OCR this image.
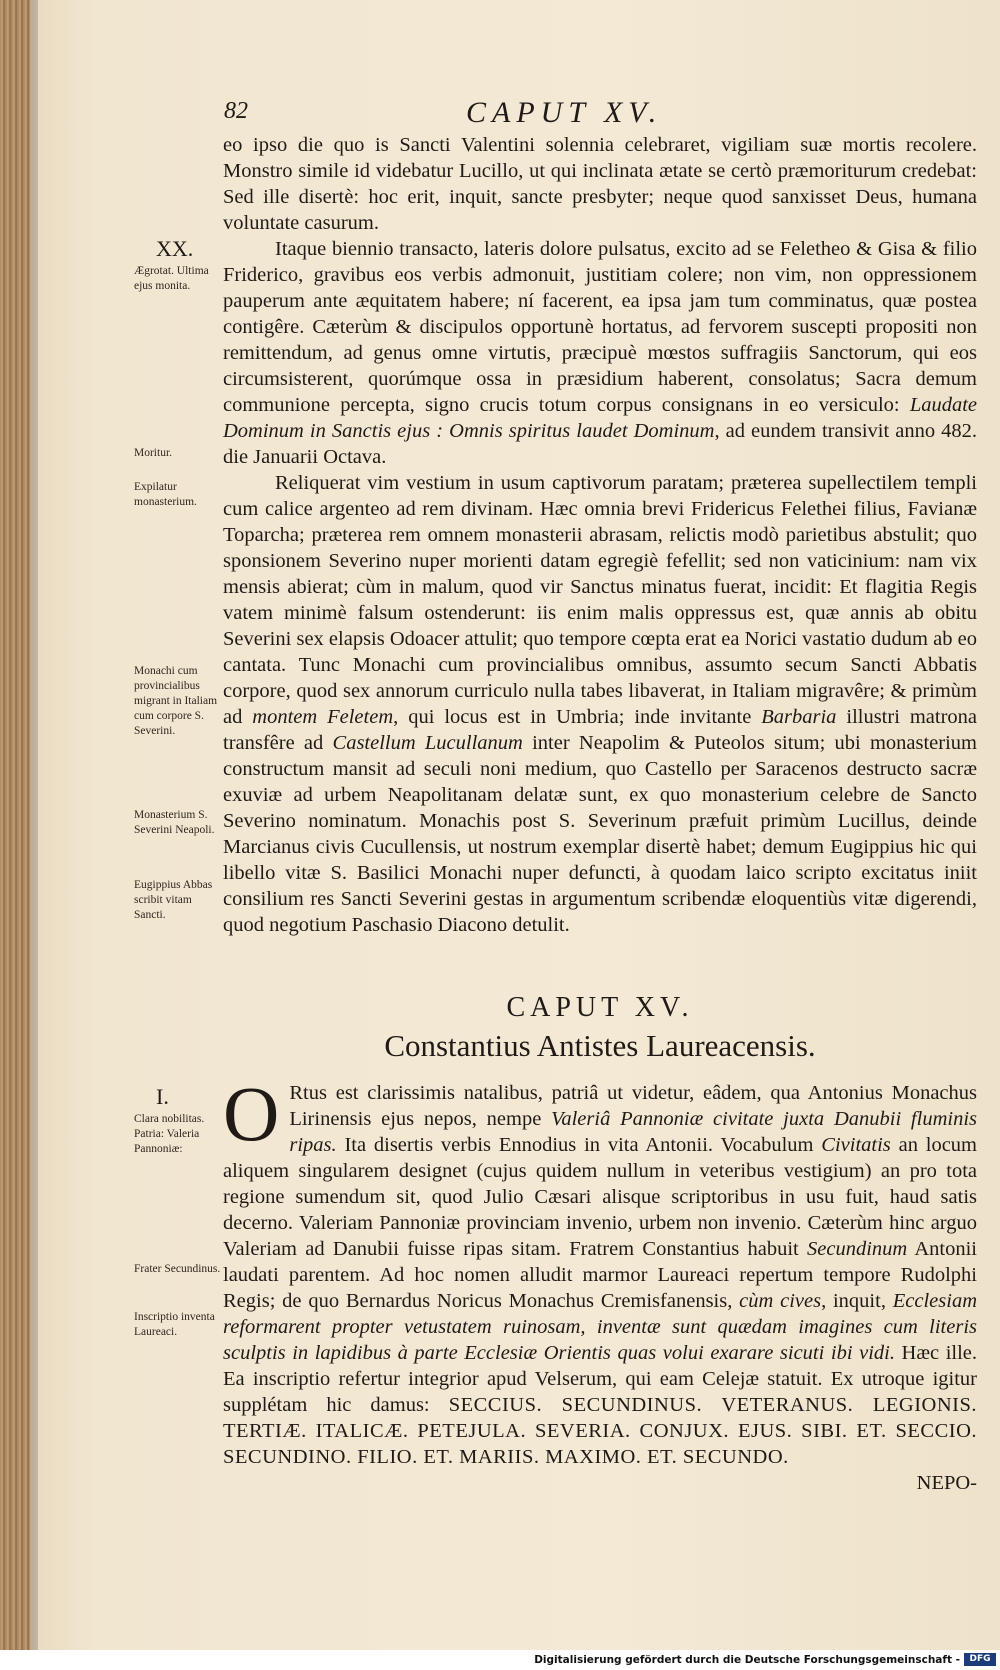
82	CAPUT XV.

eo ipso die quo is Sancti Valentini solennia celebraret, vigiliam suæ mortis recolere. Monstro simile id videbatur Lucillo, ut qui inclinata ætate se certò præmoriturum credebat: Sed ille disertè: hoc erit, inquit, sancte presbyter; neque quod sanxisset Deus, humana voluntate casurum.

Itaque biennio transacto, lateris dolore pulsatus, excito ad se Feletheo & Gisa & filio Friderico, gravibus eos verbis admonuit, justitiam colere; non vim, non oppressionem pauperum ante æquitatem habere; ní facerent, ea ipsa jam tum comminatus, quæ postea contigêre. Cæterùm & discipulos opportunè hortatus, ad fervorem suscepti propositi non remittendum, ad genus omne virtutis, præcipuè mœstos suffragiis Sanctorum, qui eos circumsisterent, quorúmque ossa in præsidium haberent, consolatus; Sacra demum communione percepta, signo crucis totum corpus consignans in eo versiculo: Laudate Dominum in Sanctis ejus : Omnis spiritus laudet Dominum, ad eundem transivit anno 482. die Januarii Octava.

Reliquerat vim vestium in usum captivorum paratam; præterea supellectilem templi cum calice argenteo ad rem divinam. Hæc omnia brevi Fridericus Felethei filius, Favianæ Toparcha; præterea rem omnem monasterii abrasam, relictis modò parietibus abstulit; quo sponsionem Severino nuper morienti datam egregiè fefellit; sed non vaticinium: nam vix mensis abierat; cùm in malum, quod vir Sanctus minatus fuerat, incidit: Et flagitia Regis vatem minimè falsum ostenderunt: iis enim malis oppressus est, quæ annis ab obitu Severini sex elapsis Odoacer attulit; quo tempore cœpta erat ea Norici vastatio dudum ab eo cantata. Tunc Monachi cum provincialibus omnibus, assumto secum Sancti Abbatis corpore, quod sex annorum curriculo nulla tabes libaverat, in Italiam migravêre; & primùm ad montem Feletem, qui locus est in Umbria; inde invitante Barbaria illustri matrona transfêre ad Castellum Lucullanum inter Neapolim & Puteolos situm; ubi monasterium constructum mansit ad seculi noni medium, quo Castello per Saracenos destructo sacræ exuviæ ad urbem Neapolitanam delatæ sunt, ex quo monasterium celebre de Sancto Severino nominatum. Monachis post S. Severinum præfuit primùm Lucillus, deinde Marcianus civis Cucullensis, ut nostrum exemplar disertè habet; demum Eugippius hic qui libello vitæ S. Basilici Monachi nuper defuncti, à quodam laico scripto excitatus iniit consilium res Sancti Severini gestas in argumentum scribendæ eloquentiùs vitæ digerendi, quod negotium Paschasio Diacono detulit.

XX.
Ægrotat. Ultima ejus monita.
Moritur.
Expilatur monasterium.
Monachi cum provincialibus migrant in Italiam cum corpore S. Severini.
Monasterium S. Severini Neapoli.
Eugippius Abbas scribit vitam Sancti.
CAPUT XV.
Constantius Antistes Laureacensis.

O Rtus est clarissimis natalibus, patriâ ut videtur, eâdem, qua Antonius Monachus Lirinensis ejus nepos, nempe Valeriâ Pannoniæ civitate juxta Danubii fluminis ripas. Ita disertis verbis Ennodius in vita Antonii. Vocabulum Civitatis an locum aliquem singularem designet (cujus quidem nullum in veteribus vestigium) an pro tota regione sumendum sit, quod Julio Cæsari alisque scriptoribus in usu fuit, haud satis decerno. Valeriam Pannoniæ provinciam invenio, urbem non invenio. Cæterùm hinc arguo Valeriam ad Danubii fuisse ripas sitam. Fratrem Constantius habuit Secundinum Antonii laudati parentem. Ad hoc nomen alludit marmor Laureaci repertum tempore Rudolphi Regis; de quo Bernardus Noricus Monachus Cremisfanensis, cùm cives, inquit, Ecclesiam reformarent propter vetustatem ruinosam, inventæ sunt quædam imagines cum literis sculptis in lapidibus à parte Ecclesiæ Orientis quas volui exarare sicuti ibi vidi. Hæc ille. Ea inscriptio refertur integrior apud Velserum, qui eam Celejæ statuit. Ex utroque igitur supplétam hic damus: SECCIUS. SECUNDINUS. VETERANUS. LEGIONIS. TERTIÆ. ITALICÆ. PETEJULA. SEVERIA. CONJUX. EJUS. SIBI. ET. SECCIO. SECUNDINO. FILIO. ET. MARIIS. MAXIMO. ET. SECUNDO.

NEPO-

I.
Clara nobilitas. Patria: Valeria Pannoniæ:
Frater Secundinus.
Inscriptio inventa Laureaci.
Digitalisierung gefördert durch die Deutsche Forschungsgemeinschaft -	DFG
